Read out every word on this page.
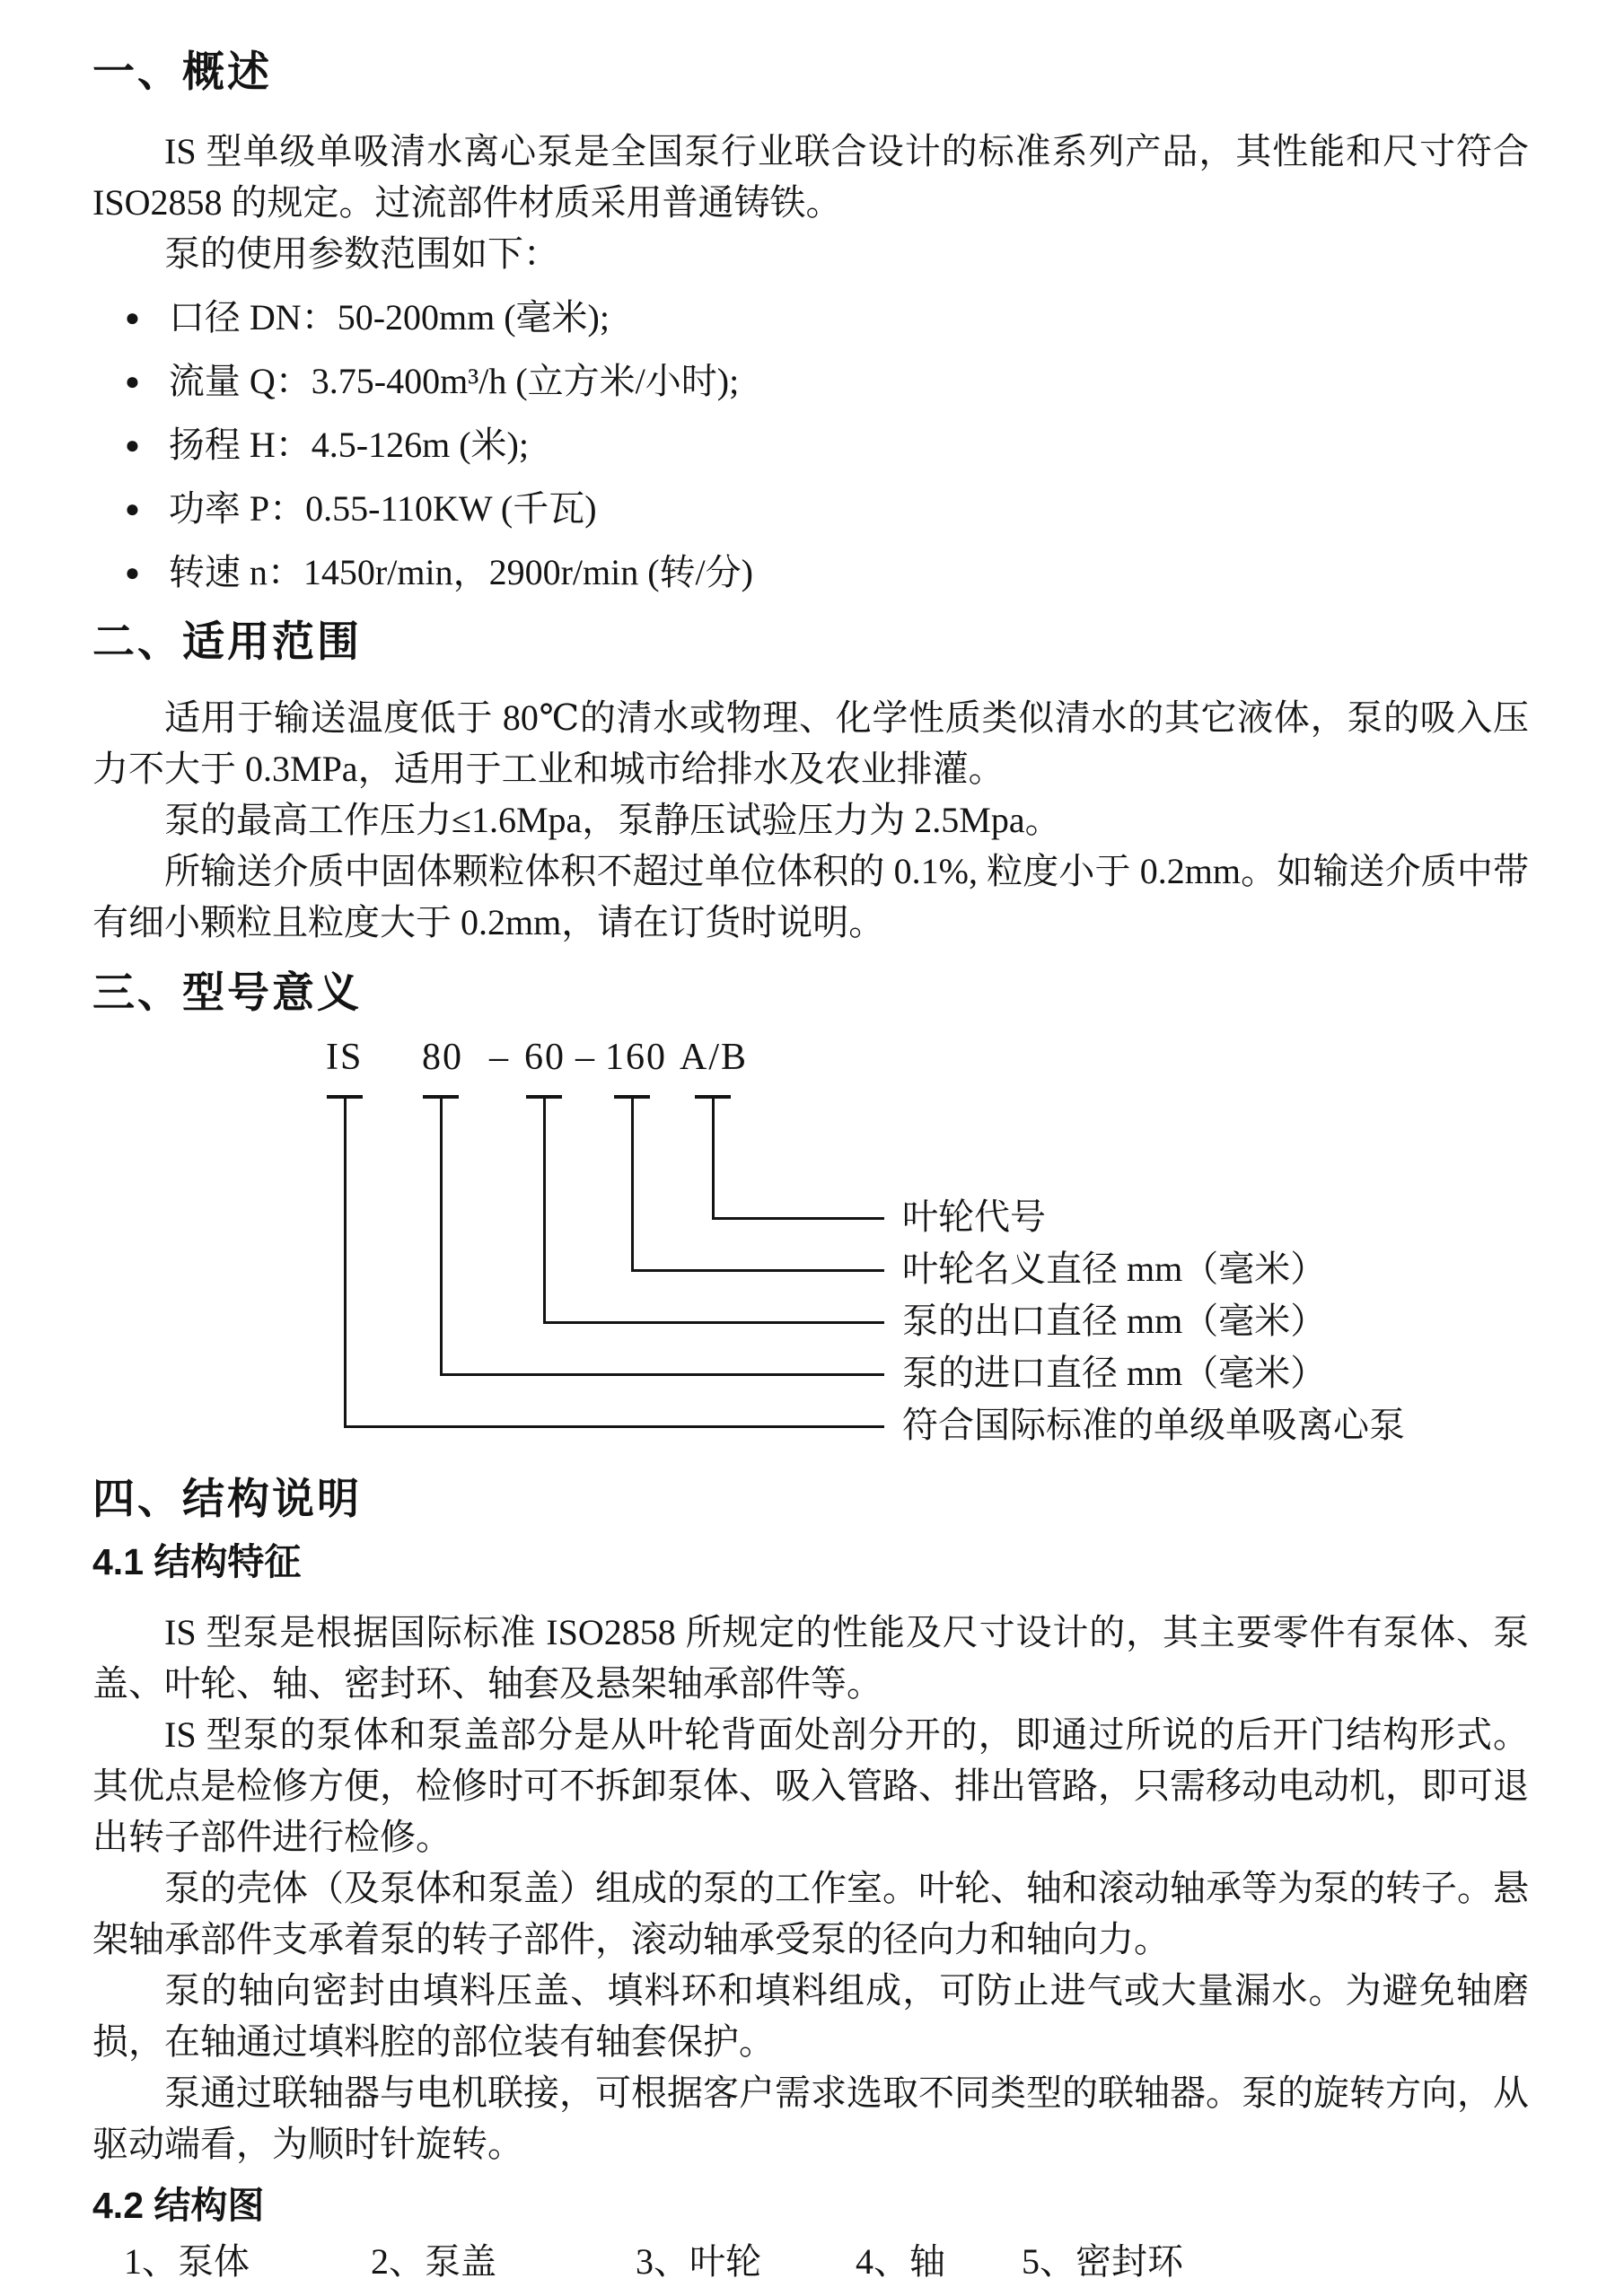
一、概述

IS 型单级单吸清水离心泵是全国泵行业联合设计的标准系列产品，其性能和尺寸符合 ISO2858 的规定。过流部件材质采用普通铸铁。

泵的使用参数范围如下：

● 口径 DN：50-200mm (毫米);
● 流量 Q：3.75-400m³/h (立方米/小时);
● 扬程 H：4.5-126m (米);
● 功率 P：0.55-110KW (千瓦)
● 转速 n：1450r/min，2900r/min (转/分)
二、适用范围

适用于输送温度低于 80℃的清水或物理、化学性质类似清水的其它液体，泵的吸入压力不大于 0.3MPa，适用于工业和城市给排水及农业排灌。

泵的最高工作压力≤1.6Mpa，泵静压试验压力为 2.5Mpa。

所输送介质中固体颗粒体积不超过单位体积的 0.1%, 粒度小于 0.2mm。如输送介质中带有细小颗粒且粒度大于 0.2mm，请在订货时说明。

三、型号意义
IS 80 – 60 – 160 A/B
叶轮代号
叶轮名义直径 mm（毫米）
泵的出口直径 mm（毫米）
泵的进口直径 mm（毫米）
符合国际标准的单级单吸离心泵
四、结构说明
4.1 结构特征

IS 型泵是根据国际标准 ISO2858 所规定的性能及尺寸设计的，其主要零件有泵体、泵盖、叶轮、轴、密封环、轴套及悬架轴承部件等。

IS 型泵的泵体和泵盖部分是从叶轮背面处剖分开的，即通过所说的后开门结构形式。其优点是检修方便，检修时可不拆卸泵体、吸入管路、排出管路，只需移动电动机，即可退出转子部件进行检修。

泵的壳体（及泵体和泵盖）组成的泵的工作室。叶轮、轴和滚动轴承等为泵的转子。悬架轴承部件支承着泵的转子部件，滚动轴承受泵的径向力和轴向力。

泵的轴向密封由填料压盖、填料环和填料组成，可防止进气或大量漏水。为避免轴磨损，在轴通过填料腔的部位装有轴套保护。

泵通过联轴器与电机联接，可根据客户需求选取不同类型的联轴器。泵的旋转方向，从驱动端看，为顺时针旋转。

4.2 结构图
1、泵体	2、泵盖	3、叶轮	4、轴 5、密封环
